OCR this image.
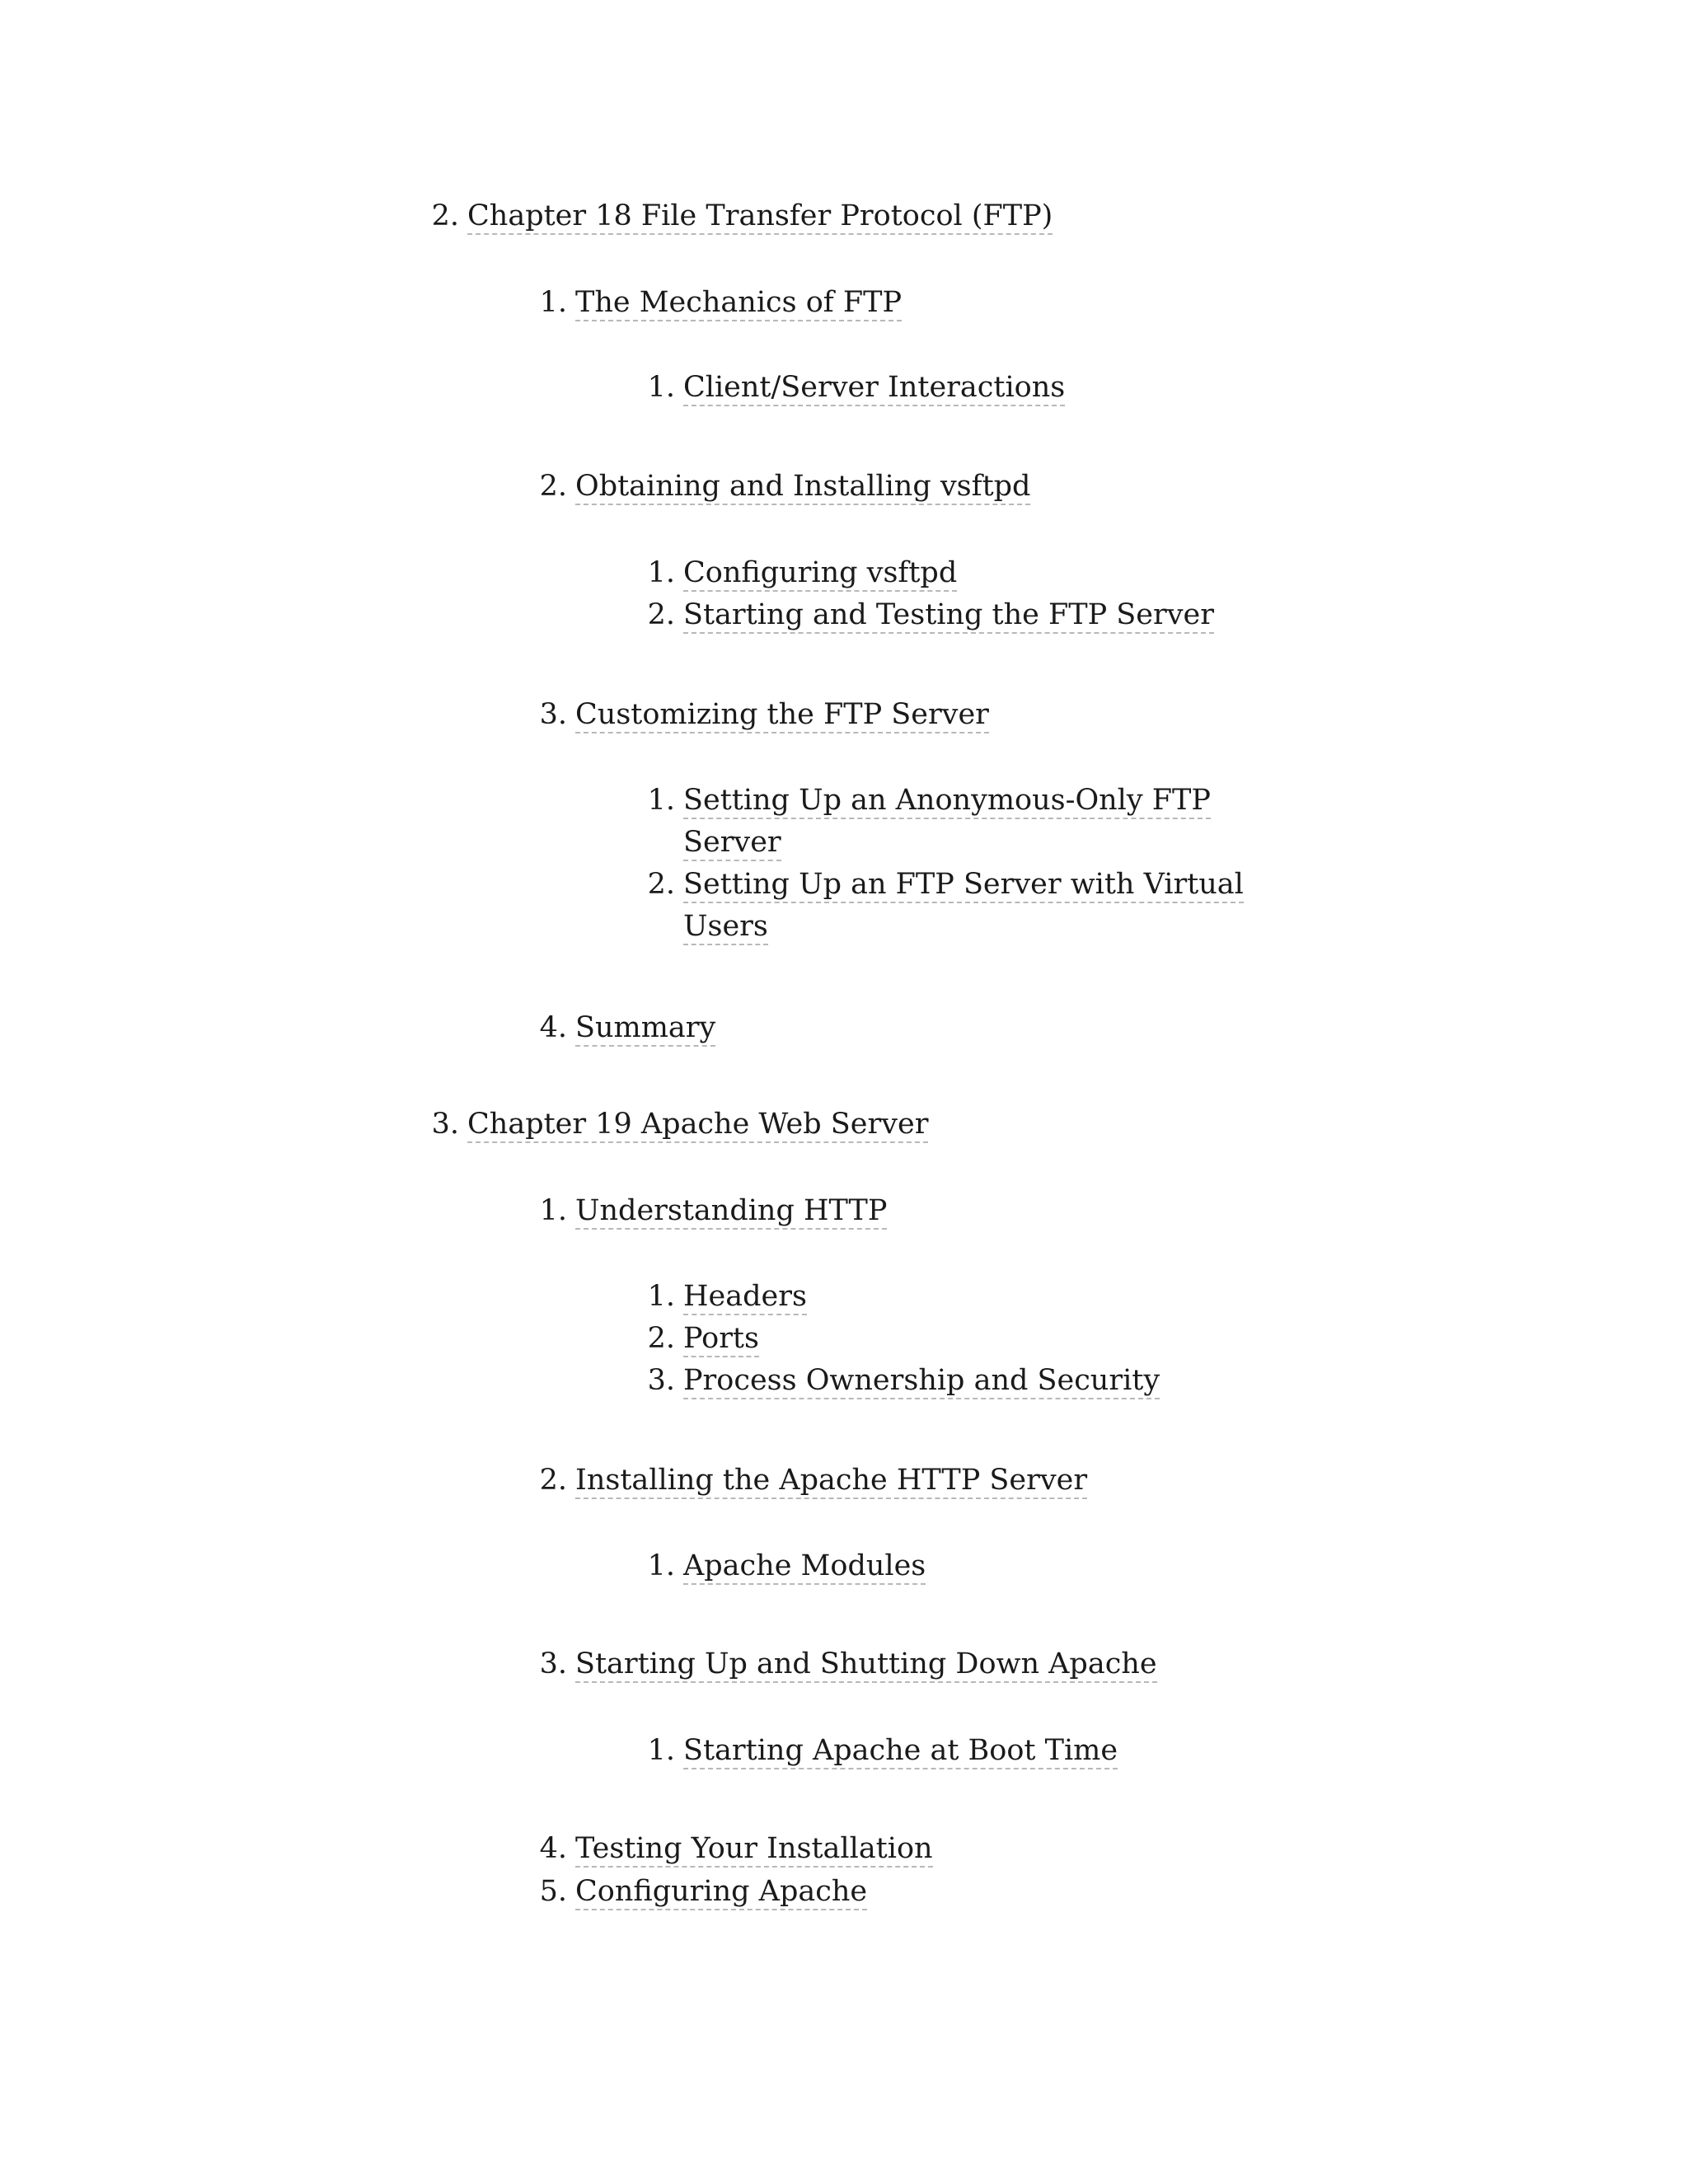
2. Chapter 18 File Transfer Protocol (FTP)
1. The Mechanics of FTP
1. Client/Server Interactions
2. Obtaining and Installing vsftpd
1. Configuring vsftpd
2. Starting and Testing the FTP Server
3. Customizing the FTP Server
1. Setting Up an Anonymous-Only FTP
Server
2. Setting Up an FTP Server with Virtual
Users
4. Summary
3. Chapter 19 Apache Web Server
1. Understanding HTTP
1. Headers
2. Ports
3. Process Ownership and Security
2. Installing the Apache HTTP Server
1. Apache Modules
3. Starting Up and Shutting Down Apache
1. Starting Apache at Boot Time
4. Testing Your Installation
5. Configuring Apache
